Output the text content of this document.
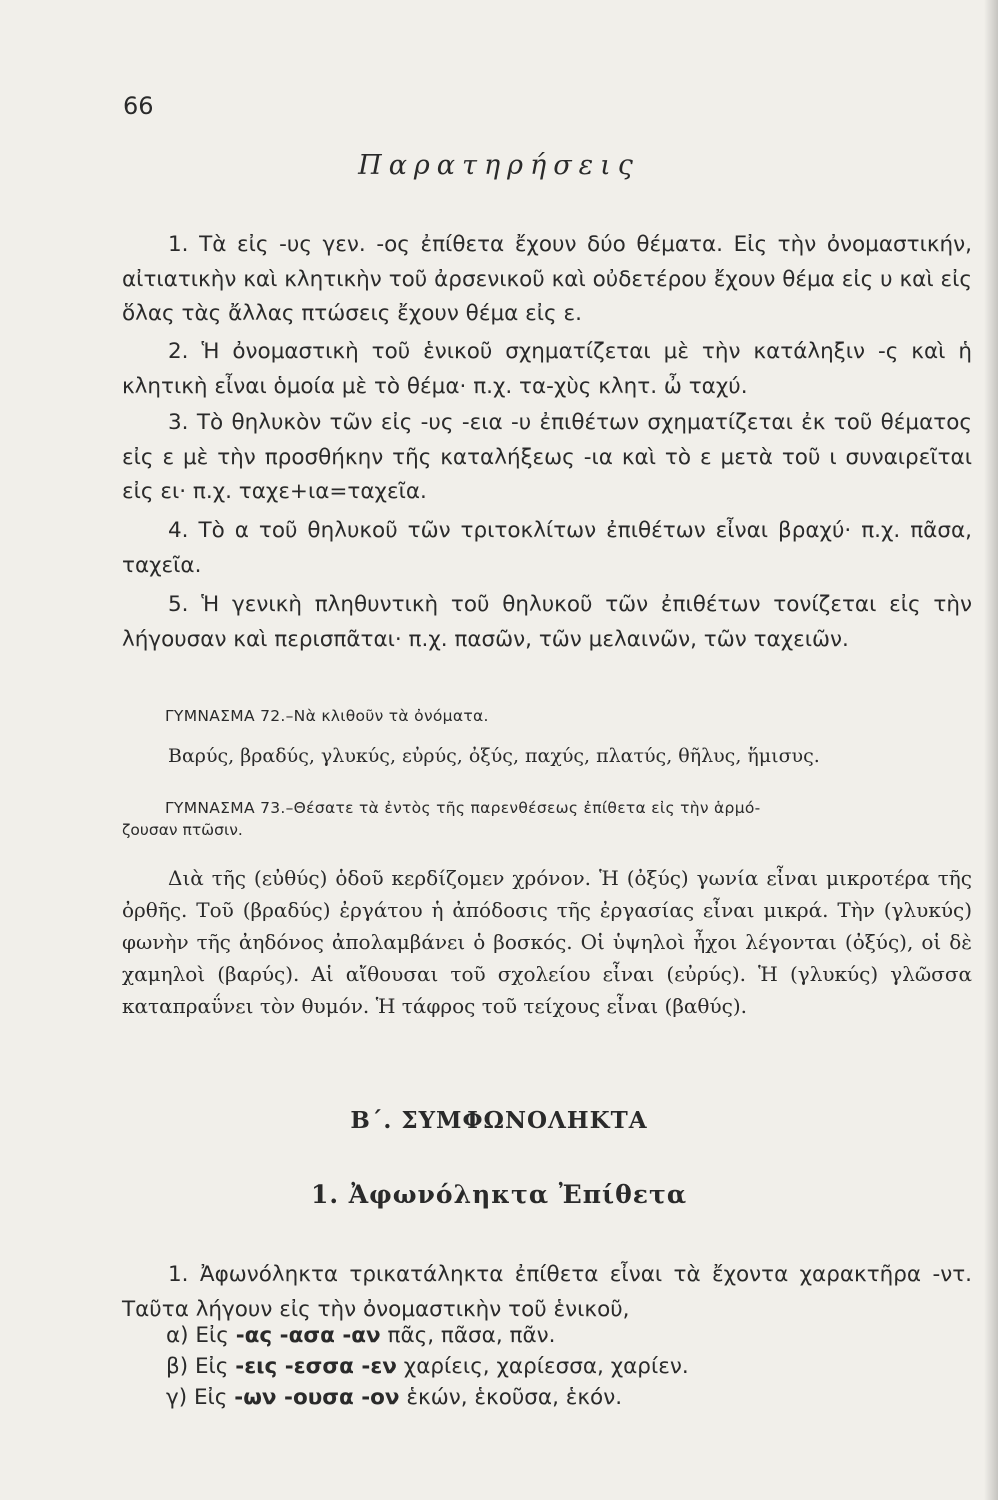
66
Παρατηρήσεις

1. Τὰ εἰς -υς γεν. -ος ἐπίθετα ἔχουν δύο θέματα. Εἰς τὴν ὀνομαστικήν, αἰτιατικὴν καὶ κλητικὴν τοῦ ἀρσενικοῦ καὶ οὐδετέρου ἔχουν θέμα εἰς υ καὶ εἰς ὅλας τὰς ἄλλας πτώσεις ἔχουν θέμα εἰς ε.

2. Ἡ ὀνομαστικὴ τοῦ ἑνικοῦ σχηματίζεται μὲ τὴν κατάληξιν -ς καὶ ἡ κλητικὴ εἶναι ὁμοία μὲ τὸ θέμα· π.χ. τα-χὺς κλητ. ὦ ταχύ.

3. Τὸ θηλυκὸν τῶν εἰς -υς -εια -υ ἐπιθέτων σχηματίζεται ἐκ τοῦ θέματος εἰς ε μὲ τὴν προσθήκην τῆς καταλήξεως -ια καὶ τὸ ε μετὰ τοῦ ι συναιρεῖται εἰς ει· π.χ. ταχε+ια=ταχεῖα.

4. Τὸ α τοῦ θηλυκοῦ τῶν τριτοκλίτων ἐπιθέτων εἶναι βραχύ· π.χ. πᾶσα, ταχεῖα.

5. Ἡ γενικὴ πληθυντικὴ τοῦ θηλυκοῦ τῶν ἐπιθέτων τονίζεται εἰς τὴν λήγουσαν καὶ περισπᾶται· π.χ. πασῶν, τῶν μελαινῶν, τῶν ταχειῶν.

ΓΥΜΝΑΣΜΑ 72.–Νὰ κλιθοῦν τὰ ὀνόματα.

Βαρύς, βραδύς, γλυκύς, εὐρύς, ὀξύς, παχύς, πλατύς, θῆλυς, ἥμισυς.

ΓΥΜΝΑΣΜΑ 73.–Θέσατε τὰ ἐντὸς τῆς παρενθέσεως ἐπίθετα εἰς τὴν ἁρμό-

ζουσαν πτῶσιν.

Διὰ τῆς (εὐθύς) ὁδοῦ κερδίζομεν χρόνον. Ἡ (ὀξύς) γωνία εἶναι μικροτέρα τῆς ὀρθῆς. Τοῦ (βραδύς) ἐργάτου ἡ ἀπόδοσις τῆς ἐργασίας εἶναι μικρά. Τὴν (γλυκύς) φωνὴν τῆς ἀηδόνος ἀπολαμβάνει ὁ βοσκός. Οἱ ὑψηλοὶ ἦχοι λέγονται (ὀξύς), οἱ δὲ χαμηλοὶ (βαρύς). Αἱ αἴθουσαι τοῦ σχολείου εἶναι (εὐρύς). Ἡ (γλυκύς) γλῶσσα καταπραΰνει τὸν θυμόν. Ἡ τάφρος τοῦ τείχους εἶναι (βαθύς).

Β΄. ΣΥΜΦΩΝΟΛΗΚΤΑ
1. Ἀφωνόληκτα Ἐπίθετα

1. Ἀφωνόληκτα τρικατάληκτα ἐπίθετα εἶναι τὰ ἔχοντα χαρακτῆρα -ντ. Ταῦτα λήγουν εἰς τὴν ὀνομαστικὴν τοῦ ἑνικοῦ,

α) Εἰς -ας -ασα -αν πᾶς, πᾶσα, πᾶν.
β) Εἰς -εις -εσσα -εν χαρίεις, χαρίεσσα, χαρίεν.
γ) Εἰς -ων -ουσα -ον ἑκών, ἑκοῦσα, ἑκόν.
